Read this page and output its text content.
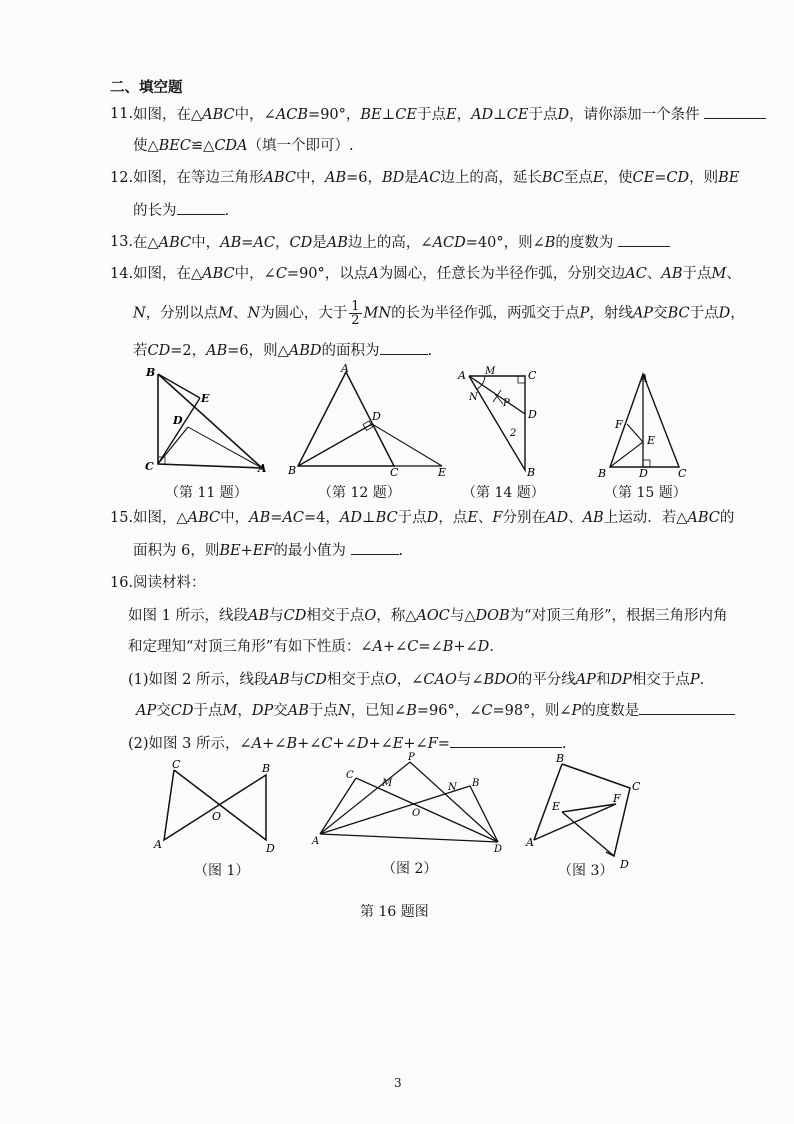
二、填空题
11. 如图，在△ABC中，∠ACB=90°，BE⊥CE于点E，AD⊥CE于点D，请你添加一个条件
使△BEC≌△CDA（填一个即可）.
12. 如图，在等边三角形ABC中，AB=6，BD是AC边上的高，延长BC至点E，使CE=CD，则BE
的长为	.
13. 在△ABC中，AB=AC，CD是AB边上的高，∠ACD=40°，则∠B的度数为
14. 如图，在△ABC中，∠C=90°，以点A为圆心，任意长为半径作弧，分别交边AC、AB于点M、
N，分别以点M、N为圆心，大于 $\frac{1}{2}$ MN的长为半径作弧，两弧交于点P，射线AP交BC于点D，
若CD=2，AB=6，则△ABD的面积为	.
B
E
D
C	A
A
D
B	C	E
A M	C
N
P
D
2
B
A
F
E
B	D	C
（第 11 题）	（第 12 题）	（第 14 题）	（第 15 题）
15. 如图，△ABC中，AB=AC=4，AD⊥BC于点D，点E、F分别在AD、AB上运动．若△ABC的
面积为 6，则BE+EF的最小值为	.
16. 阅读材料：
如图 1 所示，线段AB与CD相交于点O，称△AOC与△DOB为“对顶三角形”，根据三角形内角
和定理知“对顶三角形”有如下性质：∠A+∠C=∠B+∠D.
(1)如图 2 所示，线段AB与CD相交于点O，∠CAO与∠BDO的平分线AP和DP相交于点P.
AP交CD于点M，DP交AB于点N，已知∠B=96°，∠C=98°，则∠P的度数是
(2)如图 3 所示，∠A+∠B+∠C+∠D+∠E+∠F=	.
C	B
O
A	D
P
C
M	N B
O
A
D
B
C
E
F
A
D
（图 1）	（图 2）	（图 3）
第 16 题图
3
